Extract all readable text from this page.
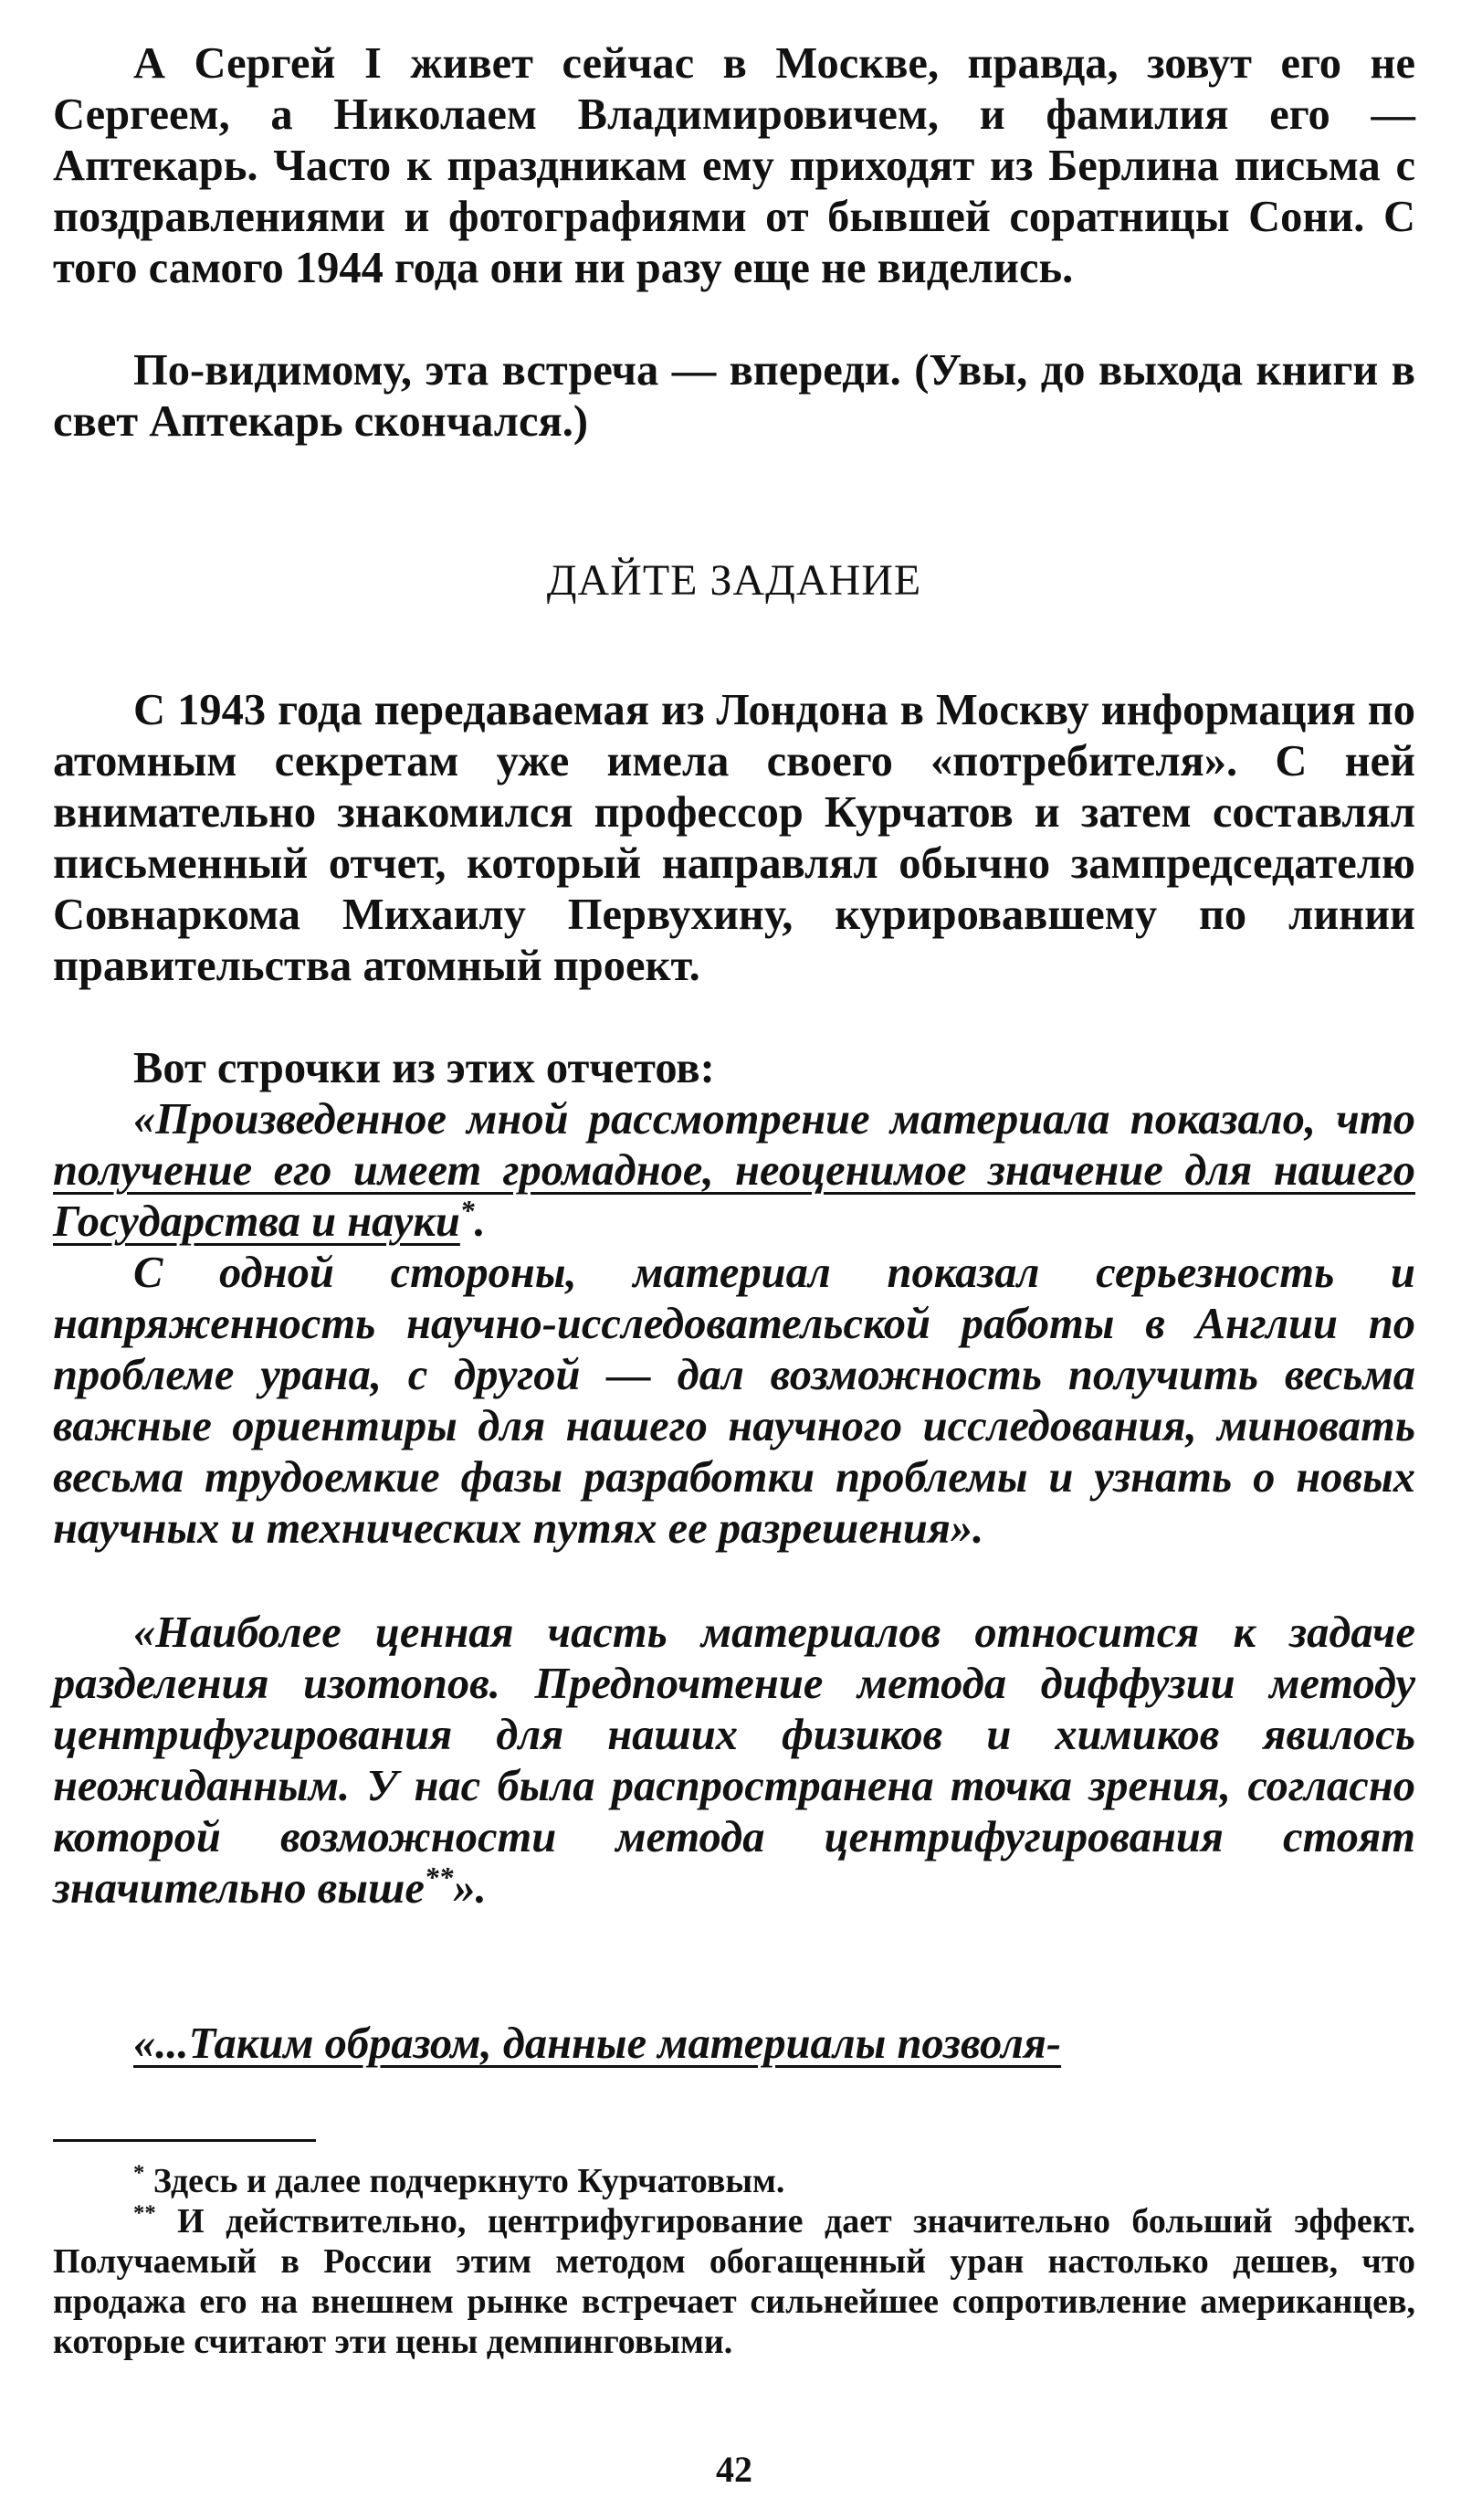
А Сергей I живет сейчас в Москве, правда, зовут его не Сергеем, а Николаем Владимировичем, и фамилия его — Аптекарь. Часто к праздникам ему приходят из Берлина письма с поздравлениями и фотографиями от бывшей соратницы Сони. С того самого 1944 года они ни разу еще не виделись.

По-видимому, эта встреча — впереди. (Увы, до выхода книги в свет Аптекарь скончался.)

ДАЙТЕ ЗАДАНИЕ

С 1943 года передаваемая из Лондона в Москву информация по атомным секретам уже имела своего «потребителя». С ней внимательно знакомился профессор Курчатов и затем составлял письменный отчет, который направлял обычно зампредседателю Совнаркома Михаилу Первухину, курировавшему по линии правительства атомный проект.

Вот строчки из этих отчетов:

«Произведенное мной рассмотрение материала показало, что получение его имеет громадное, неоценимое значение для нашего Государства и науки*.

С одной стороны, материал показал серьезность и напряженность научно-исследовательской работы в Англии по проблеме урана, с другой — дал возможность получить весьма важные ориентиры для нашего научного исследования, миновать весьма трудоемкие фазы разработки проблемы и узнать о новых научных и технических путях ее разрешения».

«Наиболее ценная часть материалов относится к задаче разделения изотопов. Предпочтение метода диффузии методу центрифугирования для наших физиков и химиков явилось неожиданным. У нас была распространена точка зрения, согласно которой возможности метода центрифугирования стоят значительно выше**».

«...Таким образом, данные материалы позволя-

* Здесь и далее подчеркнуто Курчатовым.

** И действительно, центрифугирование дает значительно больший эффект. Получаемый в России этим методом обогащенный уран настолько дешев, что продажа его на внешнем рынке встречает сильнейшее сопротивление американцев, которые считают эти цены демпинговыми.

42
